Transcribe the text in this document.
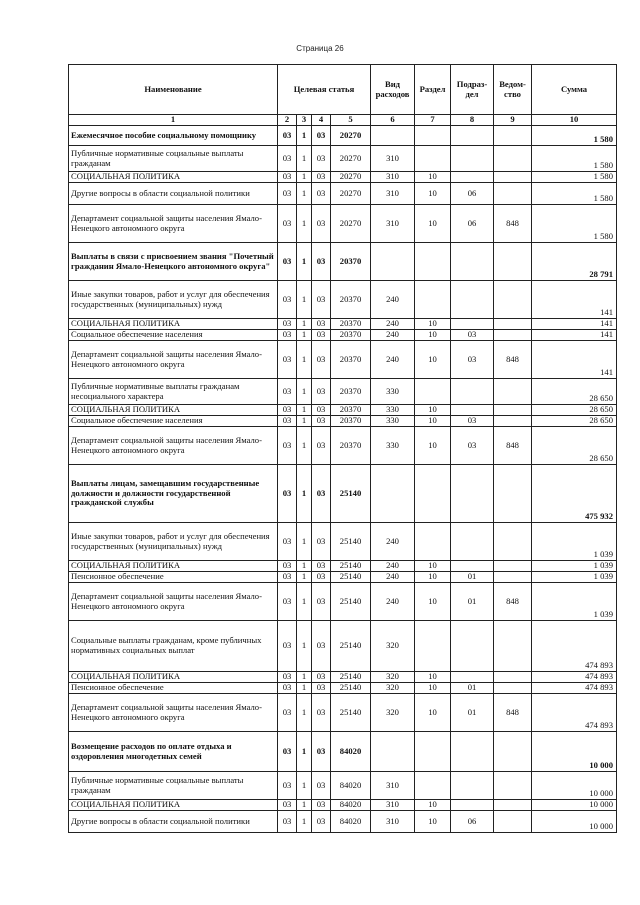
Страница 26
Наименование	Целевая статья				Вид расходов	Раздел	Подраз-дел	Ведом-ство	Сумма
1	2	3	4	5	6	7	8	9	10
Ежемесячное пособие социальному помощнику	03	1	03	20270					1 580
Публичные нормативные социальные выплаты гражданам	03	1	03	20270	310				1 580
СОЦИАЛЬНАЯ ПОЛИТИКА	03	1	03	20270	310	10			1 580
Другие вопросы в области социальной политики	03	1	03	20270	310	10	06		1 580
Департамент социальной защиты населения Ямало-Ненецкого автономного округа	03	1	03	20270	310	10	06	848	1 580
Выплаты в связи с присвоением звания "Почетный гражданин Ямало-Ненецкого автономного округа"	03	1	03	20370					28 791
Иные закупки товаров, работ и услуг для обеспечения государственных (муниципальных) нужд	03	1	03	20370	240				141
СОЦИАЛЬНАЯ ПОЛИТИКА	03	1	03	20370	240	10			141
Социальное обеспечение населения	03	1	03	20370	240	10	03		141
Департамент социальной защиты населения Ямало-Ненецкого автономного округа	03	1	03	20370	240	10	03	848	141
Публичные нормативные выплаты гражданам несоциального характера	03	1	03	20370	330				28 650
СОЦИАЛЬНАЯ ПОЛИТИКА	03	1	03	20370	330	10			28 650
Социальное обеспечение населения	03	1	03	20370	330	10	03		28 650
Департамент социальной защиты населения Ямало-Ненецкого автономного округа	03	1	03	20370	330	10	03	848	28 650
Выплаты лицам, замещавшим государственные должности и должности государственной гражданской службы	03	1	03	25140					475 932
Иные закупки товаров, работ и услуг для обеспечения государственных (муниципальных) нужд	03	1	03	25140	240				1 039
СОЦИАЛЬНАЯ ПОЛИТИКА	03	1	03	25140	240	10			1 039
Пенсионное обеспечение	03	1	03	25140	240	10	01		1 039
Департамент социальной защиты населения Ямало-Ненецкого автономного округа	03	1	03	25140	240	10	01	848	1 039
Социальные выплаты гражданам, кроме публичных нормативных социальных выплат	03	1	03	25140	320				474 893
СОЦИАЛЬНАЯ ПОЛИТИКА	03	1	03	25140	320	10			474 893
Пенсионное обеспечение	03	1	03	25140	320	10	01		474 893
Департамент социальной защиты населения Ямало-Ненецкого автономного округа	03	1	03	25140	320	10	01	848	474 893
Возмещение расходов по оплате отдыха и оздоровления многодетных семей	03	1	03	84020					10 000
Публичные нормативные социальные выплаты гражданам	03	1	03	84020	310				10 000
СОЦИАЛЬНАЯ ПОЛИТИКА	03	1	03	84020	310	10			10 000
Другие вопросы в области социальной политики	03	1	03	84020	310	10	06		10 000
